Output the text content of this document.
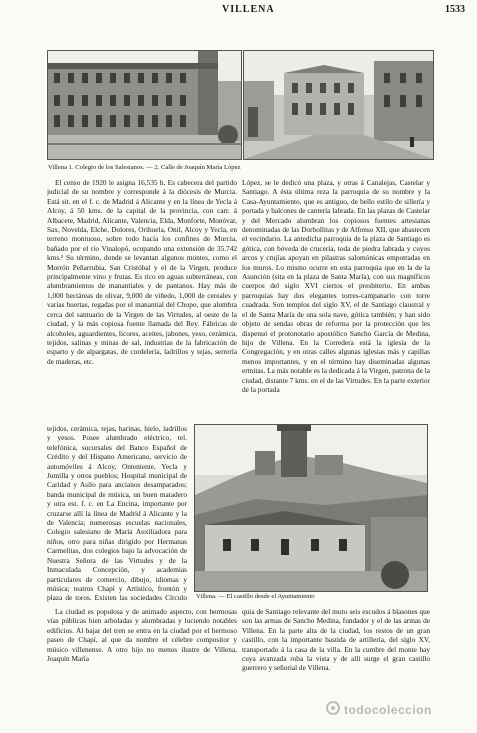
VILLENA	1533
Villena 1. Colegio de los Salesianos. — 2. Calle de Joaquín María López
Villena. — El castillo desde el Ayuntamiento

El censo de 1920 le asigna 16,535 h. Es cabecera del partido judicial de su nombre y corresponde á la diócesis de Murcia. Está sit. en el f. c. de Madrid á Alicante y en la línea de Yecla á Alcoy, á 50 kms. de la capital de la provincia, con carr. á Albacete, Madrid, Alicante, Valencia, Elda, Monforte, Monóvar, Sax, Novelda, Elche, Dolores, Orihuela, Onil, Alcoy y Yecla, en terreno montuoso, sobre todo hacia los confines de Murcia, bañado por el río Vinalopó, ocupando una extensión de 35.742 kms.² Su término, donde se levantan algunos montes, como el Morrón Peñarrubia, San Cristóbal y el de la Virgen, produce principalmente vino y frutas. Es rico en aguas subterráneas, con alumbramientos de manantiales y de pantanos. Hay más de 1,000 hectáreas de olivar, 9,000 de viñedo, 1,000 de cereales y varias huertas, regadas por el manantial del Chopo, que alumbra cerca del santuario de la Virgen de las Virtudes, al oeste de la ciudad, y la más copiosa fuente llamada del Rey. Fábricas de alcoholes, aguardientes, licores, aceites, jabones, yeso, cerámica, tejidos, salinas y minas de sal, industrias de la fabricación de esparto y de alpargatas, de cordelería, ladrillos y tejas, serrería de maderas, etc.

tejidos, cerámica, tejas, harinas, hielo, ladrillos y yesos. Posee alumbrado eléctrico, tel. telefónica, sucursales del Banco Español de Crédito y del Hispano Americano, servicio de automóviles á Alcoy, Onteniente, Yecla y Jumilla y otros pueblos; Hospital municipal de Caridad y Asilo para ancianos desamparados; banda municipal de música, un buen matadero y otra est. f. c. en La Encina, importante por cruzarse allí la línea de Madrid á Alicante y la de Valencia; numerosas escuelas nacionales, Colegio salesiano de María Auxiliadora para niños, otro para niñas dirigido por Hermanas Carmelitas, dos colegios bajo la advocación de Nuestra Señora de las Virtudes y de la Inmaculada Concepción, y academias particulares de comercio, dibujo, idiomas y música; teatros Chapí y Artístico, frontón y plaza de toros. Existen las sociedades Círculo

La ciudad es populosa y de animado aspecto, con hermosas vías públicas bien arboladas y alumbradas y luciendo notables edificios. Al bajar del tren se entra en la ciudad por el hermoso paseo de Chapí, al que da nombre el célebre compositor y músico villenense. A otro hijo no menos ilustre de Villena, Joaquín María

López, se le dedicó una plaza, y otras á Canalejas, Castelar y Santiago. A ésta última reza la parroquia de su nombre y la Casa-Ayuntamiento, que es antiguo, de bello estilo de sillería y portada y balcones de cantería labrada. En las plazas de Castelar y del Mercado alumbran los copiosos fuentes artesianas denominadas de las Dorbollitas y de Alfonso XII, que abastecen el vecindario. La antedicha parroquia de la plaza de Santiago es gótica, con bóveda de crucería, toda de piedra labrada y cuyos arcos y crujías apoyan en pilastras salomónicas empotradas en los muros. Lo mismo ocurre en esta parroquia que en la de la Asunción (sita en la plaza de Santa María), con sus magníficos cuerpos del siglo XVI ciertos el presbiterio. En ambas parroquias hay dos elegantes torres-campanario con torre cuadrada. Son templos del siglo XV, el de Santiago claustral y el de Santa María de una sola nave, gótica también; y han sido objeto de sendas obras de reforma por la protección que les dispensó el protonotario apostólico Sancho García de Medina, hijo de Villena. En la Corredera está la iglesia de la Congregación, y en otras calles algunas iglesias más y capillas menos importantes, y en el término hay diseminadas algunas ermitas. La más notable es la dedicada á la Virgen, patrona de la ciudad, distante 7 kms. en el de las Virtudes. En la parte exterior de la portada

quia de Santiago relevante del muro seis escudos á blasones que son las armas de Sancho Medina, fundador y el de las armas de Villena. En la parte alta de la ciudad, los restos de un gran castillo, con la importante bastida de artillería, del siglo XV, transportado á la casa de la villa. En la cumbre del monte hay cuya avanzada roba la vista y de allí surge el gran castillo guerrero y señorial de Villena.

todocoleccion
